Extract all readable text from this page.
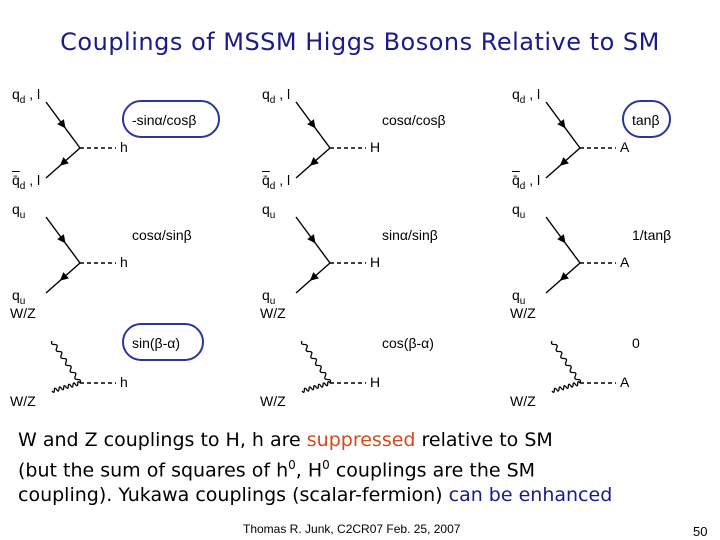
Couplings of MSSM Higgs Bosons Relative to SM
h
$q_d$ , l
$q̄_d$ , l
-sinα/cosβ
H
$q_d$ , l
$q̄_d$ , l
cosα/cosβ
A
$q_d$ , l
$q̄_d$ , l
tanβ
h
$q_u$
$q_u$
cosα/sinβ
H
$q_u$
$q_u$
sinα/sinβ
A
$q_u$
$q_u$
1/tanβ
h
W/Z
W/Z
sin(β-α)
H
W/Z
W/Z
cos(β-α)
A
W/Z
W/Z
0
W and Z couplings to H, h are suppressed relative to SM
(but the sum of squares of $h^0$, $H^0$ couplings are the SM
coupling). Yukawa couplings (scalar-fermion) can be enhanced
Thomas R. Junk, C2CR07 Feb. 25, 2007	50
